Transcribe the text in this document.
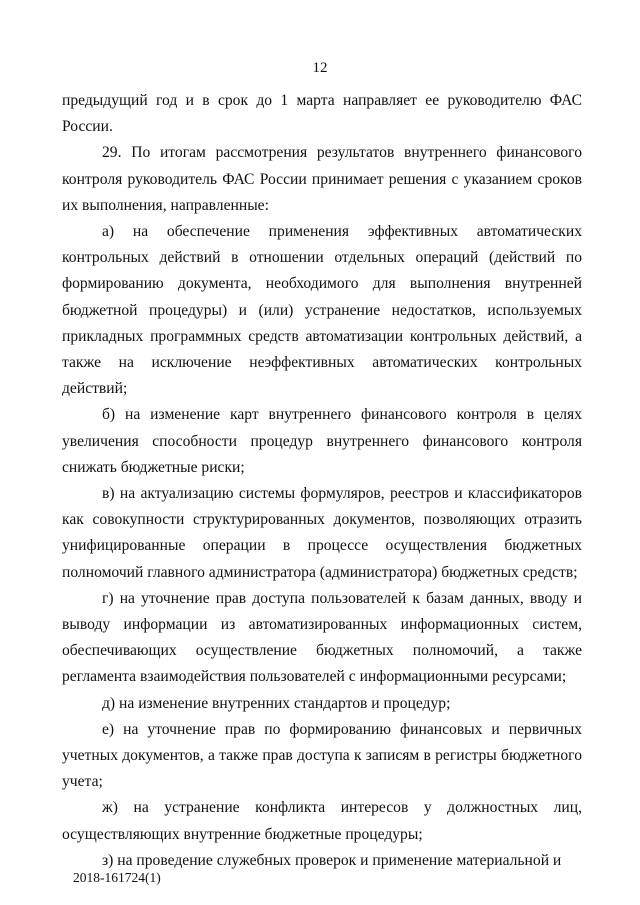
12

предыдущий год и в срок до 1 марта направляет ее руководителю ФАС России.

29. По итогам рассмотрения результатов внутреннего финансового контроля руководитель ФАС России принимает решения с указанием сроков их выполнения, направленные:

а) на обеспечение применения эффективных автоматических контрольных действий в отношении отдельных операций (действий по формированию документа, необходимого для выполнения внутренней бюджетной процедуры) и (или) устранение недостатков, используемых прикладных программных средств автоматизации контрольных действий, а также на исключение неэффективных автоматических контрольных действий;

б) на изменение карт внутреннего финансового контроля в целях увеличения способности процедур внутреннего финансового контроля снижать бюджетные риски;

в) на актуализацию системы формуляров, реестров и классификаторов как совокупности структурированных документов, позволяющих отразить унифицированные операции в процессе осуществления бюджетных полномочий главного администратора (администратора) бюджетных средств;

г) на уточнение прав доступа пользователей к базам данных, вводу и выводу информации из автоматизированных информационных систем, обеспечивающих осуществление бюджетных полномочий, а также регламента взаимодействия пользователей с информационными ресурсами;

д) на изменение внутренних стандартов и процедур;

е) на уточнение прав по формированию финансовых и первичных учетных документов, а также прав доступа к записям в регистры бюджетного учета;

ж) на устранение конфликта интересов у должностных лиц, осуществляющих внутренние бюджетные процедуры;

з) на проведение служебных проверок и применение материальной и

2018-161724(1)
